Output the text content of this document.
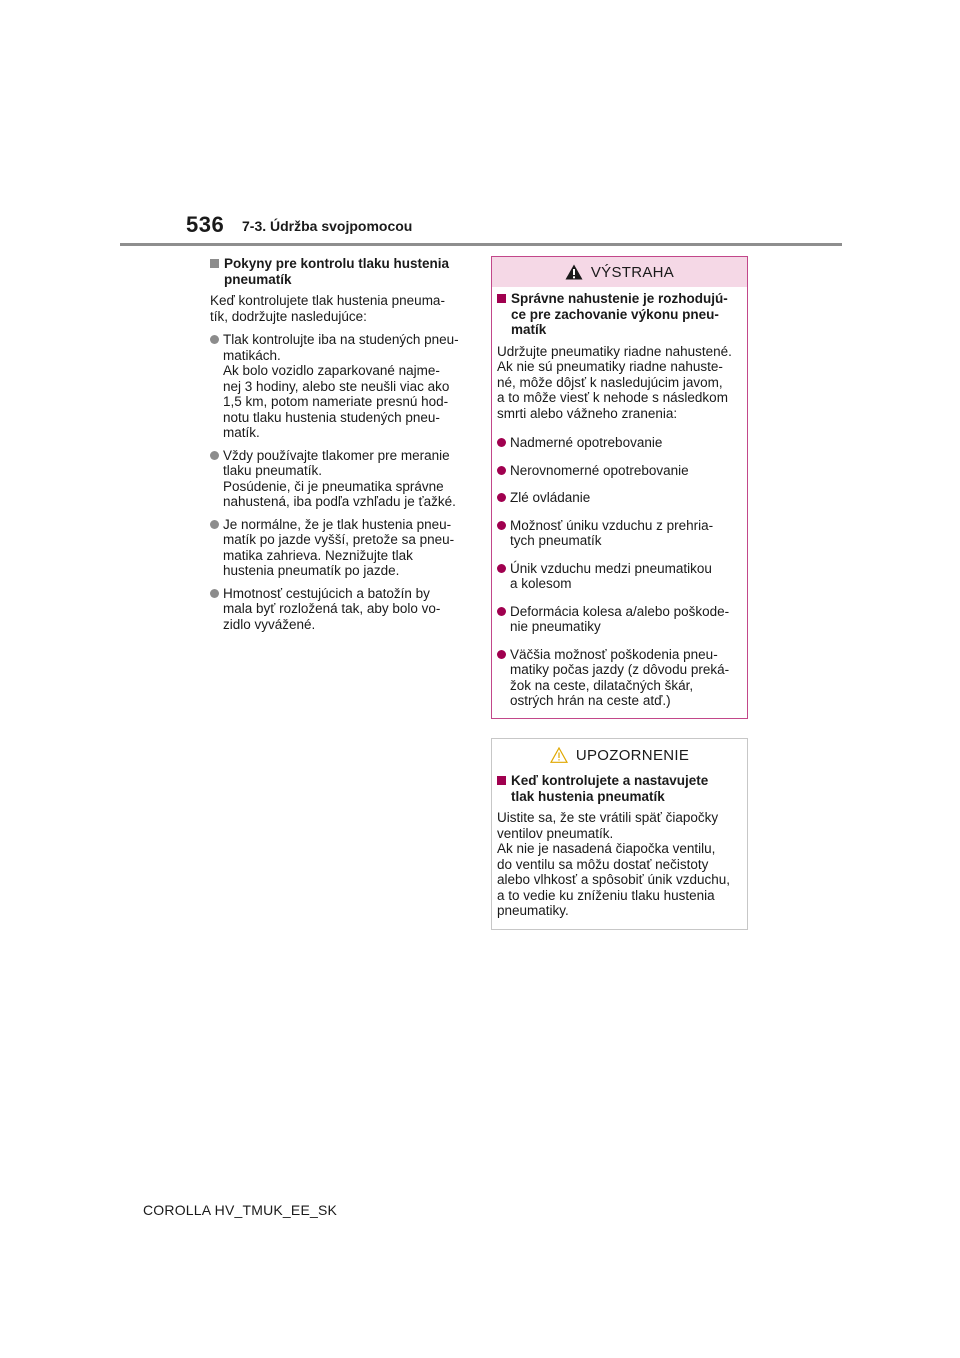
536 7-3. Údržba svojpomocou
Pokyny pre kontrolu tlaku hustenia
pneumatík
Keď kontrolujete tlak hustenia pneuma-
tík, dodržujte nasledujúce:
Tlak kontrolujte iba na studených pneu-
matikách.
Ak bolo vozidlo zaparkované najme-
nej 3 hodiny, alebo ste neušli viac ako
1,5 km, potom nameriate presnú hod-
notu tlaku hustenia studených pneu-
matík.
Vždy používajte tlakomer pre meranie
tlaku pneumatík.
Posúdenie, či je pneumatika správne
nahustená, iba podľa vzhľadu je ťažké.
Je normálne, že je tlak hustenia pneu-
matík po jazde vyšší, pretože sa pneu-
matika zahrieva. Neznižujte tlak
hustenia pneumatík po jazde.
Hmotnosť cestujúcich a batožín by
mala byť rozložená tak, aby bolo vo-
zidlo vyvážené.
VÝSTRAHA
Správne nahustenie je rozhodujú-
ce pre zachovanie výkonu pneu-
matík
Udržujte pneumatiky riadne nahustené.
Ak nie sú pneumatiky riadne nahuste-
né, môže dôjsť k nasledujúcim javom,
a to môže viesť k nehode s následkom
smrti alebo vážneho zranenia:
Nadmerné opotrebovanie
Nerovnomerné opotrebovanie
Zlé ovládanie
Možnosť úniku vzduchu z prehria-
tych pneumatík
Únik vzduchu medzi pneumatikou
a kolesom
Deformácia kolesa a/alebo poškode-
nie pneumatiky
Väčšia možnosť poškodenia pneu-
matiky počas jazdy (z dôvodu preká-
žok na ceste, dilatačných škár,
ostrých hrán na ceste atď.)
UPOZORNENIE
Keď kontrolujete a nastavujete
tlak hustenia pneumatík
Uistite sa, že ste vrátili späť čiapočky
ventilov pneumatík.
Ak nie je nasadená čiapočka ventilu,
do ventilu sa môžu dostať nečistoty
alebo vlhkosť a spôsobiť únik vzduchu,
a to vedie ku zníženiu tlaku hustenia
pneumatiky.
COROLLA HV_TMUK_EE_SK
